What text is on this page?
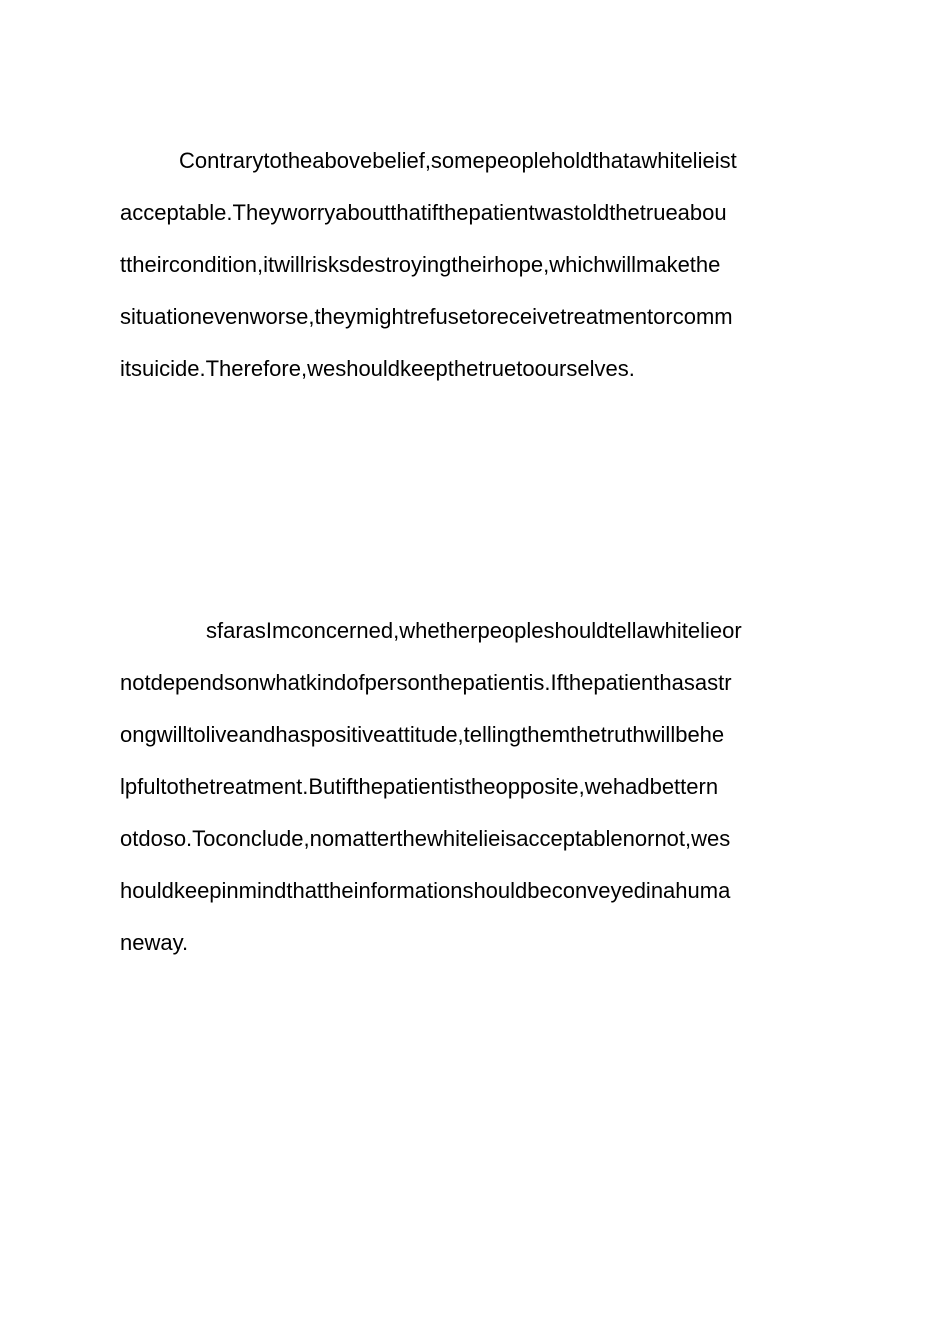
Contrarytotheabovebelief,somepeopleholdthatawhitelieist
acceptable.Theyworryaboutthatifthepatientwastoldthetrueabou
ttheircondition,itwillrisksdestroyingtheirhope,whichwillmakethe
situationevenworse,theymightrefusetoreceivetreatmentorcomm
itsuicide.Therefore,weshouldkeepthetruetoourselves.
sfarasImconcerned,whetherpeopleshouldtellawhitelieor
notdependsonwhatkindofpersonthepatientis.Ifthepatienthasastr
ongwilltoliveandhaspositiveattitude,tellingthemthetruthwillbehe
lpfultothetreatment.Butifthepatientistheopposite,wehadbettern
otdoso.Toconclude,nomatterthewhitelieisacceptablenornot,wes
houldkeepinmindthattheinformationshouldbeconveyedinahuma
neway.
